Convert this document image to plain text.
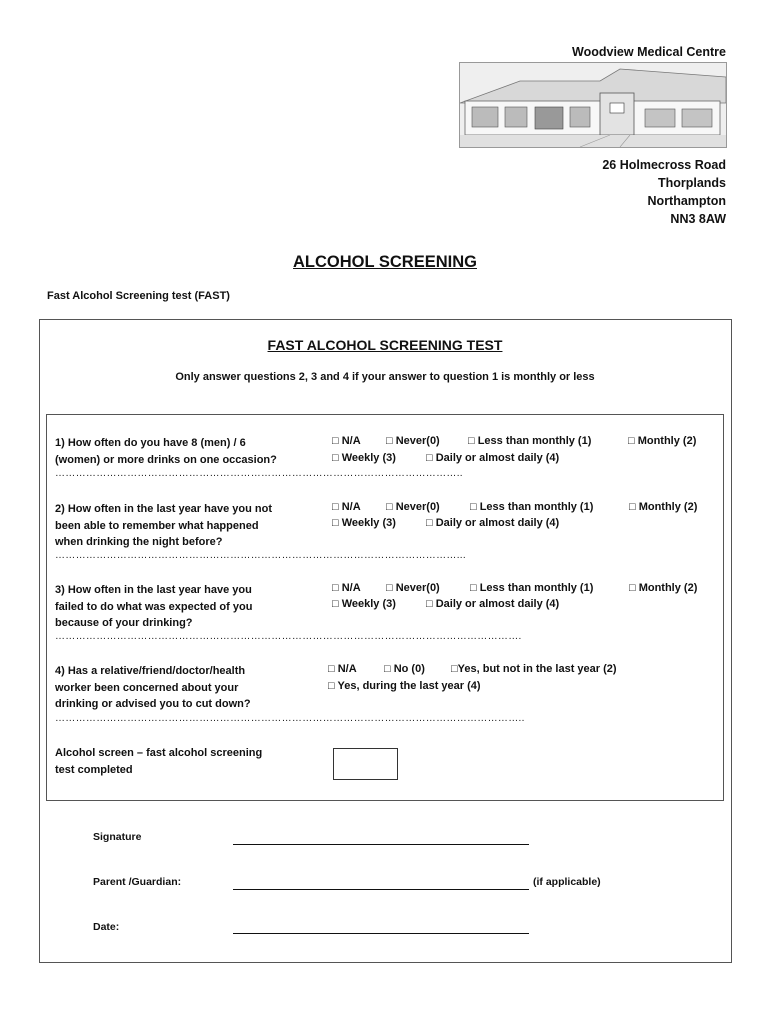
Woodview Medical Centre
26 Holmecross Road
Thorplands
Northampton
NN3 8AW
ALCOHOL SCREENING
Fast Alcohol Screening test (FAST)
FAST ALCOHOL SCREENING TEST
Only answer questions 2, 3 and 4 if your answer to question 1 is monthly or less
1) How often do you have 8 (men) / 6
(women) or more drinks on one occasion?
□ N/A □ Never(0)	□ Less than monthly (1)	□ Monthly (2)
□ Weekly (3)	□ Daily or almost daily (4)
………………………………………………………………………………………………………..
2) How often in the last year have you not
been able to remember what happened
when drinking the night before?
□ N/A □ Never(0)	□ Less than monthly (1)	□ Monthly (2)
□ Weekly (3)	□ Daily or almost daily (4)
………………………………………………………………………………………………………...
3) How often in the last year have you
failed to do what was expected of you
because of your drinking?
□ N/A □ Never(0)	□ Less than monthly (1)	□ Monthly (2)
□ Weekly (3)	□ Daily or almost daily (4)
……………………………………………………………………………………………………………………….
4) Has a relative/friend/doctor/health
worker been concerned about your
drinking or advised you to cut down?
□ N/A □ No (0) □Yes, but not in the last year (2)
□ Yes, during the last year (4)
………………………………………………………………………………………………………………………..
Alcohol screen – fast alcohol screening
test completed
Signature
Parent /Guardian:	(if applicable)
Date:
